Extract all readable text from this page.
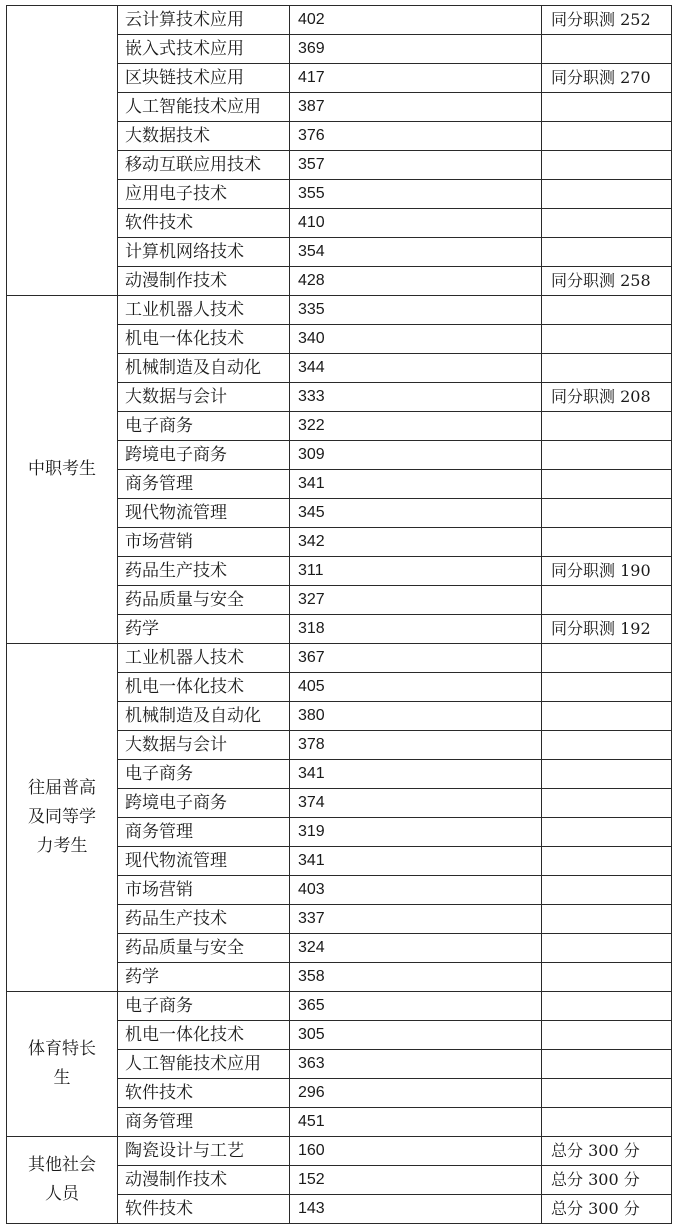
	云计算技术应用	402	同分职测 252
	嵌入式技术应用	369	
	区块链技术应用	417	同分职测 270
	人工智能技术应用	387	
	大数据技术	376	
	移动互联应用技术	357	
	应用电子技术	355	
	软件技术	410	
	计算机网络技术	354	
	动漫制作技术	428	同分职测 258
中职考生	工业机器人技术	335	
	机电一体化技术	340	
	机械制造及自动化	344	
	大数据与会计	333	同分职测 208
	电子商务	322	
	跨境电子商务	309	
	商务管理	341	
	现代物流管理	345	
	市场营销	342	
	药品生产技术	311	同分职测 190
	药品质量与安全	327	
	药学	318	同分职测 192
往届普高及同等学力考生	工业机器人技术	367	
	机电一体化技术	405	
	机械制造及自动化	380	
	大数据与会计	378	
	电子商务	341	
	跨境电子商务	374	
	商务管理	319	
	现代物流管理	341	
	市场营销	403	
	药品生产技术	337	
	药品质量与安全	324	
	药学	358	
体育特长生	电子商务	365	
	机电一体化技术	305	
	人工智能技术应用	363	
	软件技术	296	
	商务管理	451	
其他社会人员	陶瓷设计与工艺	160	总分 300 分
	动漫制作技术	152	总分 300 分
	软件技术	143	总分 300 分
